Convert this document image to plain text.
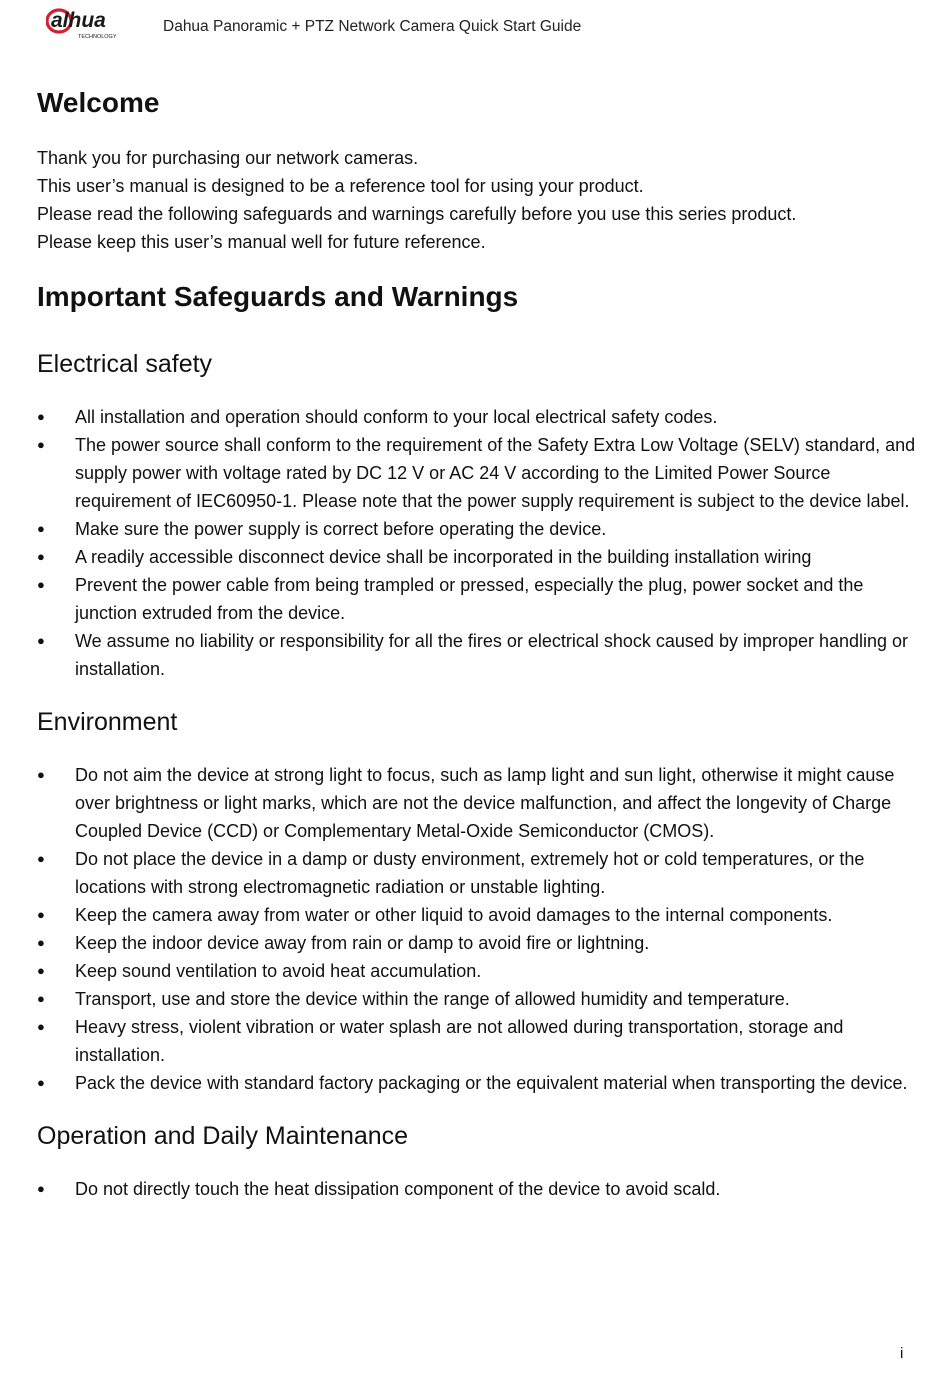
alhua
TECHNOLOGY
Dahua Panoramic + PTZ Network Camera Quick Start Guide
Welcome

Thank you for purchasing our network cameras.

This user’s manual is designed to be a reference tool for using your product.

Please read the following safeguards and warnings carefully before you use this series product.

Please keep this user’s manual well for future reference.

Important Safeguards and Warnings
Electrical safety
● All installation and operation should conform to your local electrical safety codes.
● The power source shall conform to the requirement of the Safety Extra Low Voltage (SELV) standard, and supply power with voltage rated by DC 12 V or AC 24 V according to the Limited Power Source requirement of IEC60950-1. Please note that the power supply requirement is subject to the device label.
● Make sure the power supply is correct before operating the device.
● A readily accessible disconnect device shall be incorporated in the building installation wiring
● Prevent the power cable from being trampled or pressed, especially the plug, power socket and the junction extruded from the device.
● We assume no liability or responsibility for all the fires or electrical shock caused by improper handling or installation.
Environment
● Do not aim the device at strong light to focus, such as lamp light and sun light, otherwise it might cause over brightness or light marks, which are not the device malfunction, and affect the longevity of Charge Coupled Device (CCD) or Complementary Metal-Oxide Semiconductor (CMOS).
● Do not place the device in a damp or dusty environment, extremely hot or cold temperatures, or the locations with strong electromagnetic radiation or unstable lighting.
● Keep the camera away from water or other liquid to avoid damages to the internal components.
● Keep the indoor device away from rain or damp to avoid fire or lightning.
● Keep sound ventilation to avoid heat accumulation.
● Transport, use and store the device within the range of allowed humidity and temperature.
● Heavy stress, violent vibration or water splash are not allowed during transportation, storage and installation.
● Pack the device with standard factory packaging or the equivalent material when transporting the device.
Operation and Daily Maintenance
● Do not directly touch the heat dissipation component of the device to avoid scald.
i
